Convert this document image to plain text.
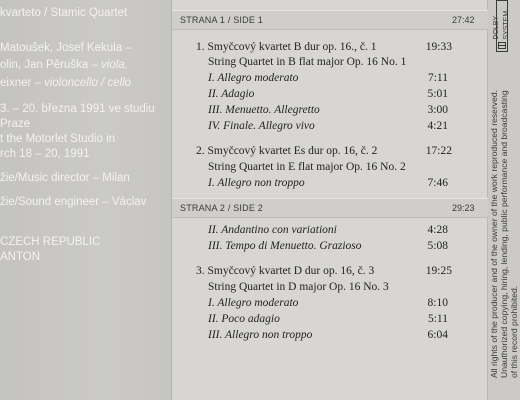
kvarteto / Stamic Quartet
Matoušek, Josef Kekula –
olin, Jan Pěruška – viola,
eixner – violoncello / cello
3. – 20. března 1991 ve studiu
Praze
t the Motorlet Studio in
rch 18 – 20, 1991
žie/Music director – Milan
žie/Sound engineer – Václav
CZECH REPUBLIC
ANTON
STRANA 1 / SIDE 1	27:42
1. Smyčcový kvartet B dur op. 16., č. 1	19:33
String Quartet in B flat major Op. 16 No. 1
I. Allegro moderato	7:11
II. Adagio	5:01
III. Menuetto. Allegretto	3:00
IV. Finale. Allegro vivo	4:21
2. Smyčcový kvartet Es dur op. 16, č. 2	17:22
String Quartet in E flat major Op. 16 No. 2
I. Allegro non troppo	7:46
STRANA 2 / SIDE 2	29:23
II. Andantino con variationi	4:28
III. Tempo di Menuetto. Grazioso	5:08
3. Smyčcový kvartet D dur op. 16, č. 3	19:25
String Quartet in D major Op. 16 No. 3
I. Allegro moderato	8:10
II. Poco adagio	5:11
III. Allegro non troppo	6:04	All rights of the producer and of the owner of the work reproduced reserved. Unauthorized copying, hiring, lending, public performance and broadcasting of this record prohibited.
DOLBY SYSTEM
